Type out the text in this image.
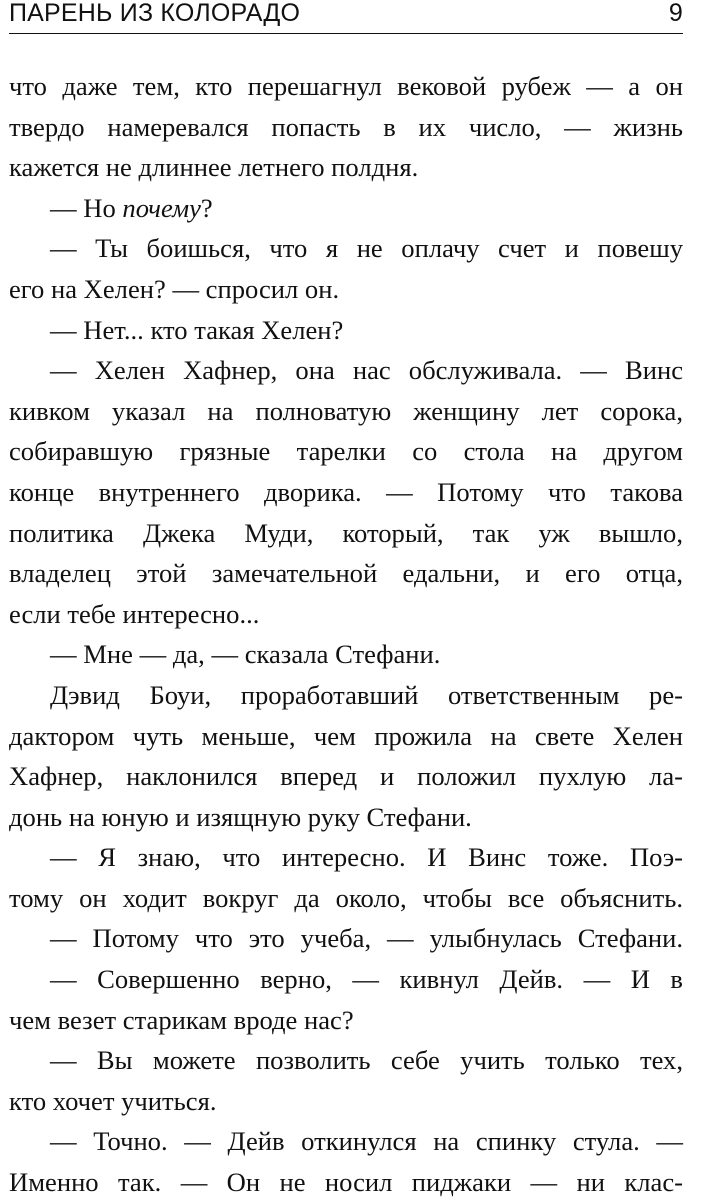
ПАРЕНЬ ИЗ КОЛОРАДО	9
что даже тем, кто перешагнул вековой рубеж — а он
твердо намеревался попасть в их число, — жизнь
кажется не длиннее летнего полдня.
— Но почему?
— Ты боишься, что я не оплачу счет и повешу
его на Хелен? — спросил он.
— Нет... кто такая Хелен?
— Хелен Хафнер, она нас обслуживала. — Винс
кивком указал на полноватую женщину лет сорока,
собиравшую грязные тарелки со стола на другом
конце внутреннего дворика. — Потому что такова
политика Джека Муди, который, так уж вышло,
владелец этой замечательной едальни, и его отца,
если тебе интересно...
— Мне — да, — сказала Стефани.
Дэвид Боуи, проработавший ответственным ре-
дактором чуть меньше, чем прожила на свете Хелен
Хафнер, наклонился вперед и положил пухлую ла-
донь на юную и изящную руку Стефани.
— Я знаю, что интересно. И Винс тоже. Поэ-
тому он ходит вокруг да около, чтобы все объяснить.
— Потому что это учеба, — улыбнулась Стефани.
— Совершенно верно, — кивнул Дейв. — И в
чем везет старикам вроде нас?
— Вы можете позволить себе учить только тех,
кто хочет учиться.
— Точно. — Дейв откинулся на спинку стула. —
Именно так. — Он не носил пиджаки — ни клас-
